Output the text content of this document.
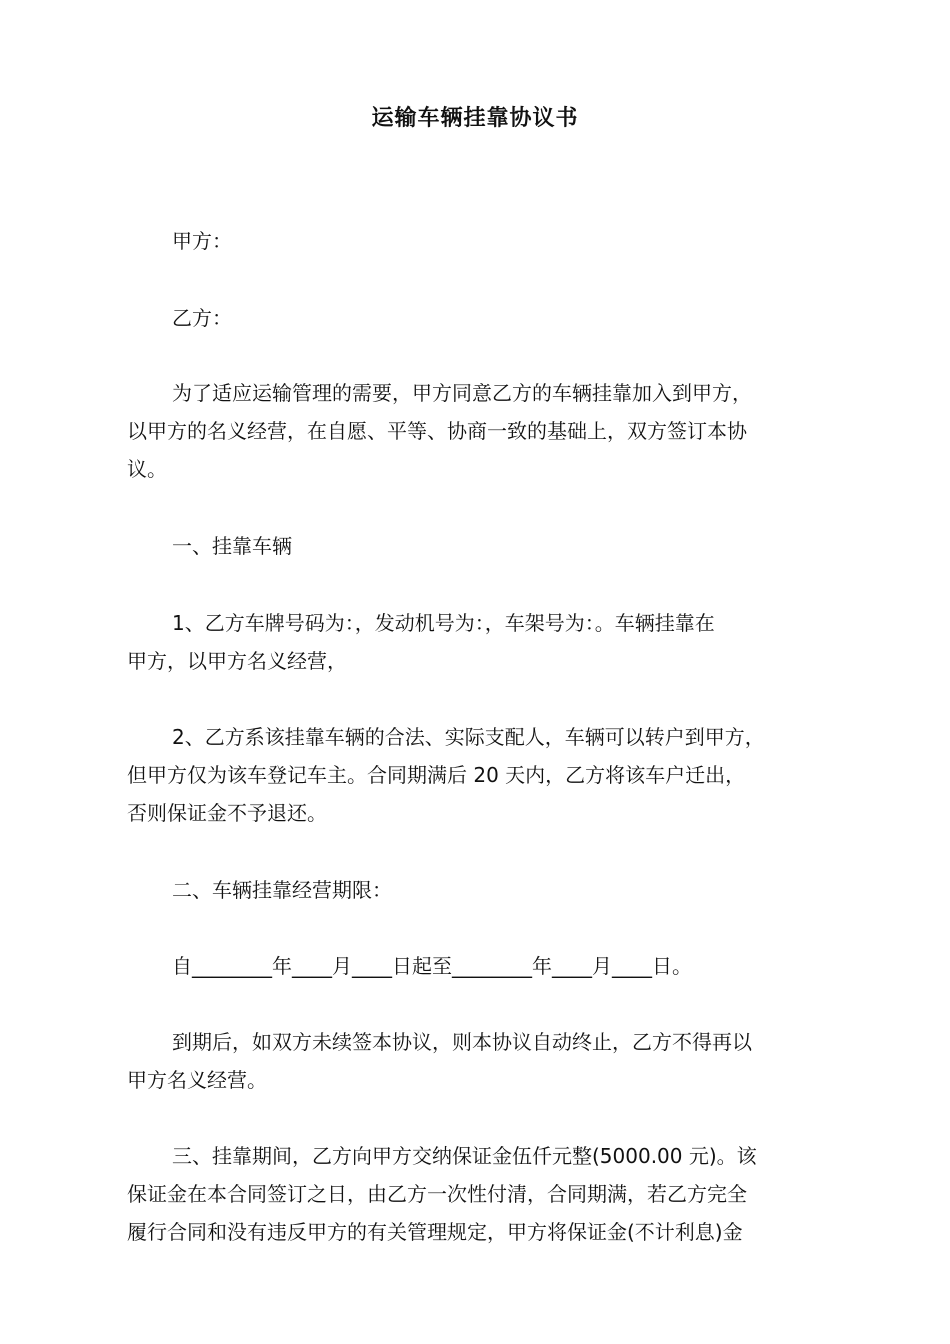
运输车辆挂靠协议书
甲方：
乙方：
为了适应运输管理的需要，甲方同意乙方的车辆挂靠加入到甲方，
以甲方的名义经营，在自愿、平等、协商一致的基础上，双方签订本协
议。
一、挂靠车辆
1、乙方车牌号码为：，发动机号为：，车架号为：。车辆挂靠在
甲方，以甲方名义经营，
2、乙方系该挂靠车辆的合法、实际支配人，车辆可以转户到甲方，
但甲方仅为该车登记车主。合同期满后 20 天内，乙方将该车户迁出，
否则保证金不予退还。
二、车辆挂靠经营期限：
自________年____月____日起至________年____月____日。
到期后，如双方未续签本协议，则本协议自动终止，乙方不得再以
甲方名义经营。
三、挂靠期间，乙方向甲方交纳保证金伍仟元整(5000.00 元)。该
保证金在本合同签订之日，由乙方一次性付清，合同期满，若乙方完全
履行合同和没有违反甲方的有关管理规定，甲方将保证金(不计利息)金
